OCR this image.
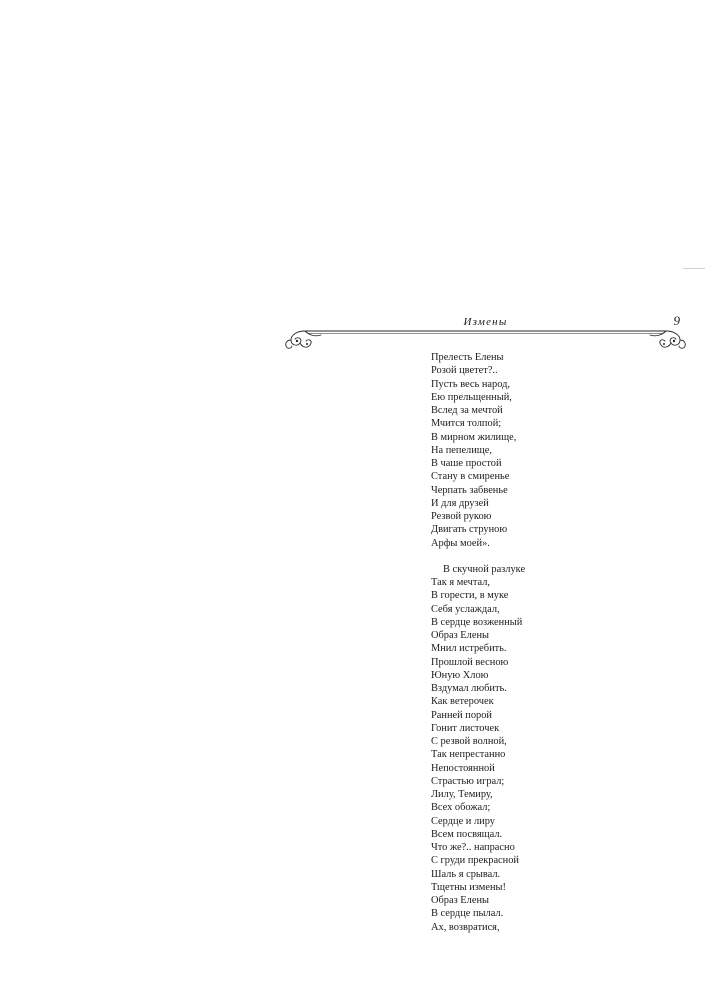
Измены	9
Прелесть Елены
Розой цветет?..
Пусть весь народ,
Ею прельщенный,
Вслед за мечтой
Мчится толпой;
В мирном жилище,
На пепелище,
В чаше простой
Стану в смиренье
Черпать забвенье
И для друзей
Резвой рукою
Двигать струною
Арфы моей».
В скучной разлуке
Так я мечтал,
В горести, в муке
Себя услаждал,
В сердце возженный
Образ Елены
Мнил истребить.
Прошлой весною
Юную Хлою
Вздумал любить.
Как ветерочек
Ранней порой
Гонит листочек
С резвой волной,
Так непрестанно
Непостоянной
Страстью играл;
Лилу, Темиру,
Всех обожал;
Сердце и лиру
Всем посвящал.
Что же?.. напрасно
С груди прекрасной
Шаль я срывал.
Тщетны измены!
Образ Елены
В сердце пылал.
Ах, возвратися,
